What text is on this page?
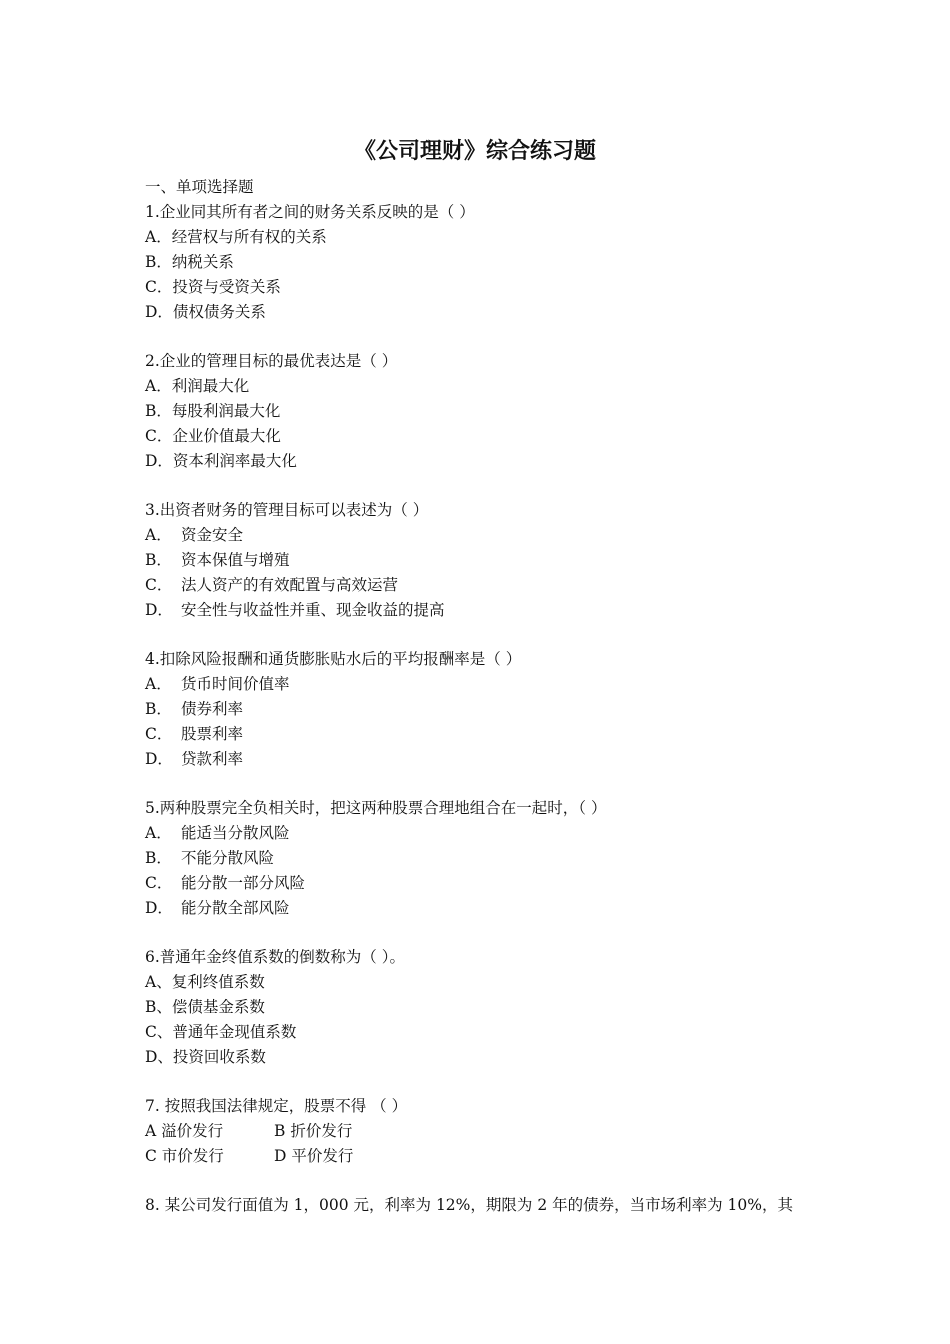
《公司理财》综合练习题
一、单项选择题
1.企业同其所有者之间的财务关系反映的是（ ）
A．经营权与所有权的关系
B．纳税关系
C．投资与受资关系
D．债权债务关系
2.企业的管理目标的最优表达是（ ）
A．利润最大化
B．每股利润最大化
C．企业价值最大化
D．资本利润率最大化
3.出资者财务的管理目标可以表述为（ ）
A． 资金安全
B． 资本保值与增殖
C． 法人资产的有效配置与高效运营
D． 安全性与收益性并重、现金收益的提高
4.扣除风险报酬和通货膨胀贴水后的平均报酬率是（ ）
A． 货币时间价值率
B． 债券利率
C． 股票利率
D． 贷款利率
5.两种股票完全负相关时，把这两种股票合理地组合在一起时，（ ）
A． 能适当分散风险
B． 不能分散风险
C． 能分散一部分风险
D． 能分散全部风险
6.普通年金终值系数的倒数称为（ ）。
A、复利终值系数
B、偿债基金系数
C、普通年金现值系数
D、投资回收系数
7. 按照我国法律规定，股票不得 （ ）
A 溢价发行	B 折价发行
C 市价发行	D 平价发行
8. 某公司发行面值为 1，000 元，利率为 12%，期限为 2 年的债券，当市场利率为 10%，其
